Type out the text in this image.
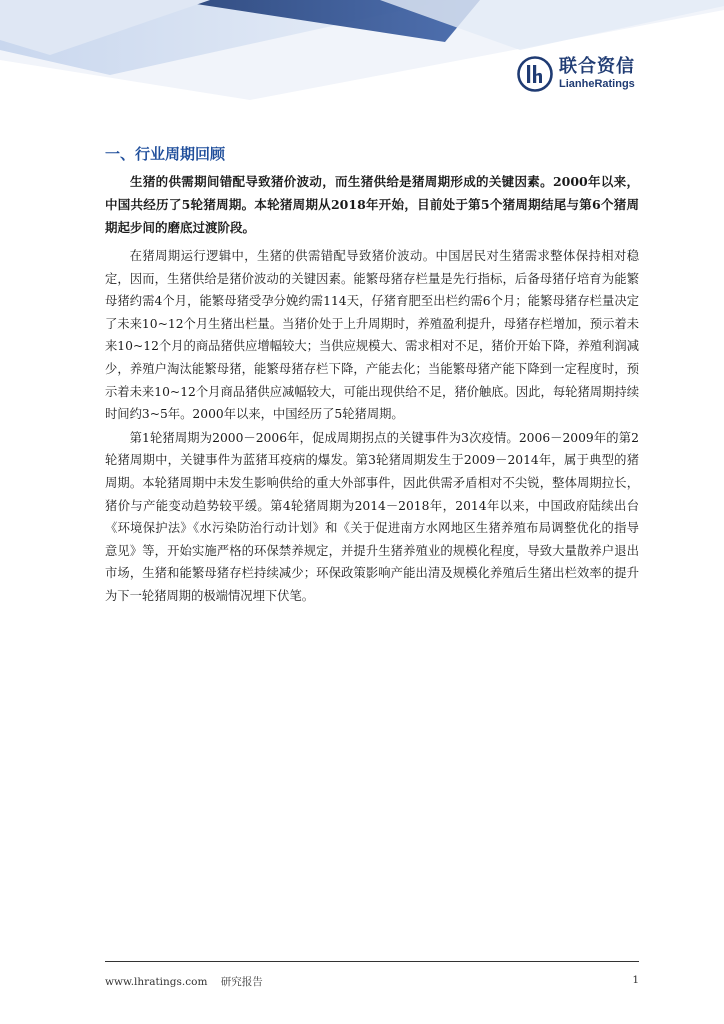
联合资信
LianheRatings
一、行业周期回顾

生猪的供需期间错配导致猪价波动，而生猪供给是猪周期形成的关键因素。2000年以来，中国共经历了5轮猪周期。本轮猪周期从2018年开始，目前处于第5个猪周期结尾与第6个猪周期起步间的磨底过渡阶段。

在猪周期运行逻辑中，生猪的供需错配导致猪价波动。中国居民对生猪需求整体保持相对稳定，因而，生猪供给是猪价波动的关键因素。能繁母猪存栏量是先行指标，后备母猪仔培育为能繁母猪约需4个月，能繁母猪受孕分娩约需114天，仔猪育肥至出栏约需6个月；能繁母猪存栏量决定了未来10~12个月生猪出栏量。当猪价处于上升周期时，养殖盈利提升，母猪存栏增加，预示着未来10~12个月的商品猪供应增幅较大；当供应规模大、需求相对不足，猪价开始下降，养殖利润减少，养殖户淘汰能繁母猪，能繁母猪存栏下降，产能去化；当能繁母猪产能下降到一定程度时，预示着未来10~12个月商品猪供应减幅较大，可能出现供给不足，猪价触底。因此，每轮猪周期持续时间约3~5年。2000年以来，中国经历了5轮猪周期。

第1轮猪周期为2000－2006年，促成周期拐点的关键事件为3次疫情。2006－2009年的第2轮猪周期中，关键事件为蓝猪耳疫病的爆发。第3轮猪周期发生于2009－2014年，属于典型的猪周期。本轮猪周期中未发生影响供给的重大外部事件，因此供需矛盾相对不尖锐，整体周期拉长，猪价与产能变动趋势较平缓。第4轮猪周期为2014－2018年，2014年以来，中国政府陆续出台《环境保护法》《水污染防治行动计划》和《关于促进南方水网地区生猪养殖布局调整优化的指导意见》等，开始实施严格的环保禁养规定，并提升生猪养殖业的规模化程度，导致大量散养户退出市场，生猪和能繁母猪存栏持续减少；环保政策影响产能出清及规模化养殖后生猪出栏效率的提升为下一轮猪周期的极端情况埋下伏笔。

www.lhratings.com 研究报告	1
